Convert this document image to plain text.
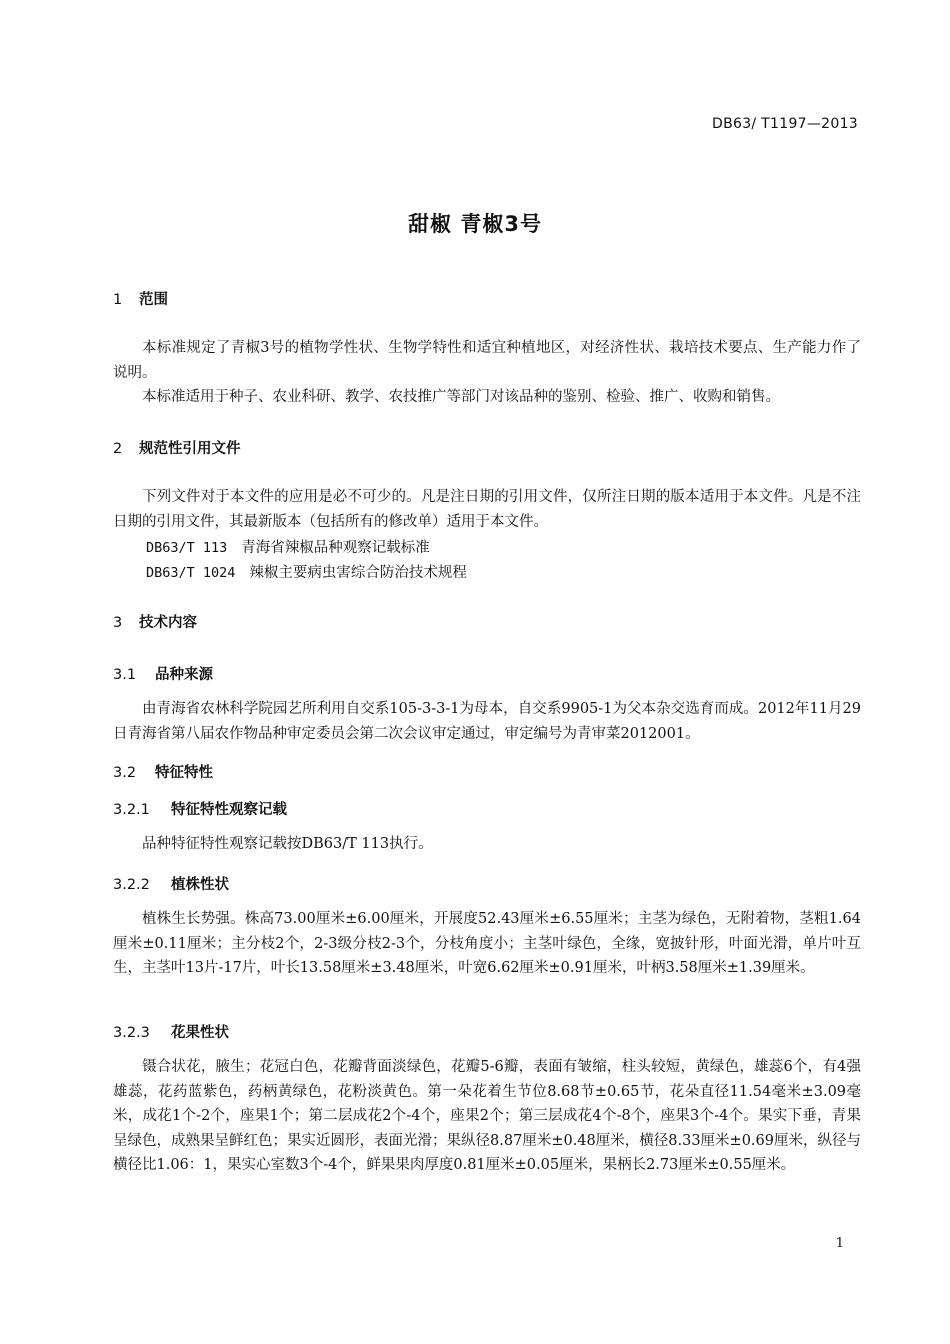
DB63/ T1197—2013
甜椒 青椒3号
1 范围
本标准规定了青椒3号的植物学性状、生物学特性和适宜种植地区，对经济性状、栽培技术要点、生产能力作了说明。
本标准适用于种子、农业科研、教学、农技推广等部门对该品种的鉴别、检验、推广、收购和销售。
2 规范性引用文件
下列文件对于本文件的应用是必不可少的。凡是注日期的引用文件，仅所注日期的版本适用于本文件。凡是不注日期的引用文件，其最新版本（包括所有的修改单）适用于本文件。
DB63/T 113 青海省辣椒品种观察记载标准
DB63/T 1024 辣椒主要病虫害综合防治技术规程
3 技术内容
3.1 品种来源
由青海省农林科学院园艺所利用自交系105-3-3-1为母本，自交系9905-1为父本杂交选育而成。2012年11月29日青海省第八届农作物品种审定委员会第二次会议审定通过，审定编号为青审菜2012001。
3.2 特征特性
3.2.1 特征特性观察记载
品种特征特性观察记载按DB63/T 113执行。
3.2.2 植株性状
植株生长势强。株高73.00厘米±6.00厘米，开展度52.43厘米±6.55厘米；主茎为绿色，无附着物，茎粗1.64厘米±0.11厘米；主分枝2个，2-3级分枝2-3个，分枝角度小；主茎叶绿色，全缘，宽披针形，叶面光滑，单片叶互生，主茎叶13片-17片，叶长13.58厘米±3.48厘米，叶宽6.62厘米±0.91厘米，叶柄3.58厘米±1.39厘米。
3.2.3 花果性状
镊合状花，腋生；花冠白色，花瓣背面淡绿色，花瓣5-6瓣，表面有皱缩，柱头较短，黄绿色，雄蕊6个，有4强雄蕊，花药蓝紫色，药柄黄绿色，花粉淡黄色。第一朵花着生节位8.68节±0.65节，花朵直径11.54毫米±3.09毫米，成花1个-2个，座果1个；第二层成花2个-4个，座果2个；第三层成花4个-8个，座果3个-4个。果实下垂，青果呈绿色，成熟果呈鲜红色；果实近圆形，表面光滑；果纵径8.87厘米±0.48厘米，横径8.33厘米±0.69厘米，纵径与横径比1.06：1，果实心室数3个-4个，鲜果果肉厚度0.81厘米±0.05厘米，果柄长2.73厘米±0.55厘米。
1
